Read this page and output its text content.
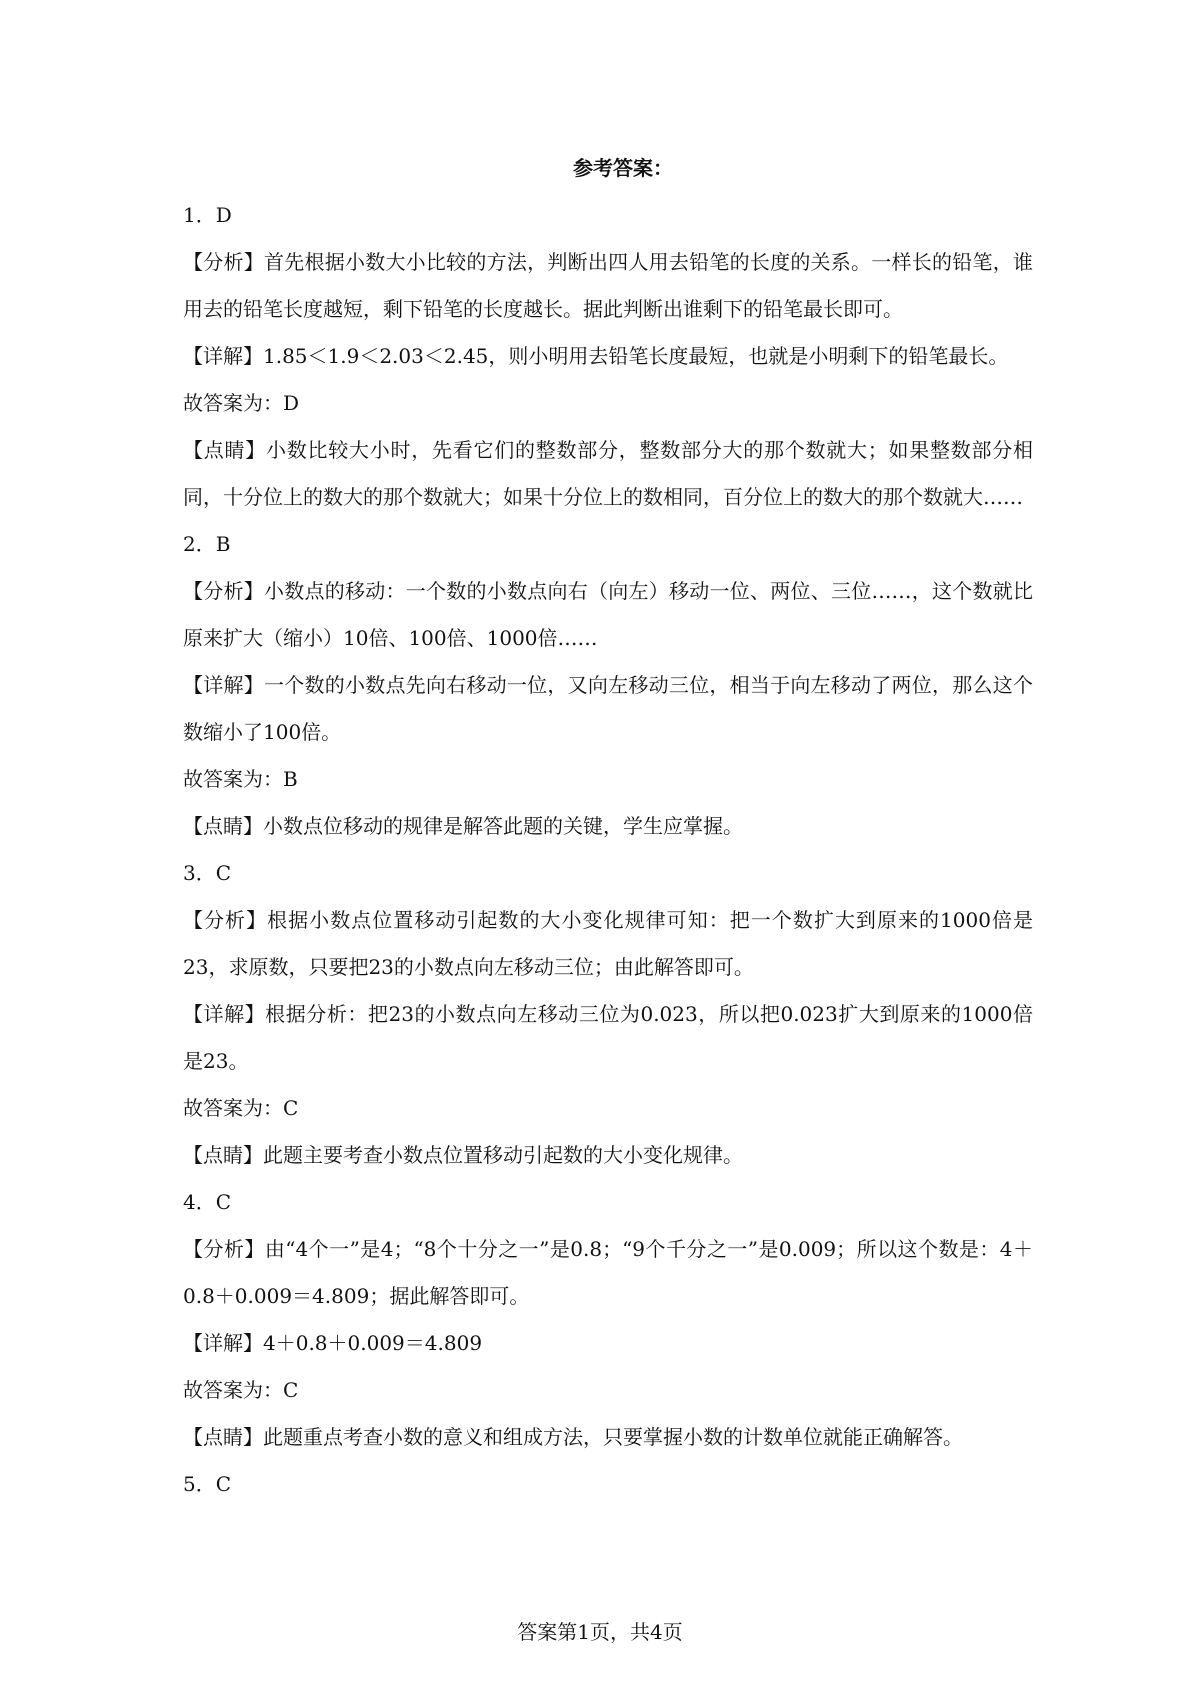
参考答案：

1．D

【分析】首先根据小数大小比较的方法，判断出四人用去铅笔的长度的关系。一样长的铅笔，谁用去的铅笔长度越短，剩下铅笔的长度越长。据此判断出谁剩下的铅笔最长即可。

【详解】1.85＜1.9＜2.03＜2.45，则小明用去铅笔长度最短，也就是小明剩下的铅笔最长。

故答案为：D

【点睛】小数比较大小时，先看它们的整数部分，整数部分大的那个数就大；如果整数部分相同，十分位上的数大的那个数就大；如果十分位上的数相同，百分位上的数大的那个数就大……

2．B

【分析】小数点的移动：一个数的小数点向右（向左）移动一位、两位、三位……，这个数就比原来扩大（缩小）10倍、100倍、1000倍……

【详解】一个数的小数点先向右移动一位，又向左移动三位，相当于向左移动了两位，那么这个数缩小了100倍。

故答案为：B

【点睛】小数点位移动的规律是解答此题的关键，学生应掌握。

3．C

【分析】根据小数点位置移动引起数的大小变化规律可知：把一个数扩大到原来的1000倍是23，求原数，只要把23的小数点向左移动三位；由此解答即可。

【详解】根据分析：把23的小数点向左移动三位为0.023，所以把0.023扩大到原来的1000倍是23。

故答案为：C

【点睛】此题主要考查小数点位置移动引起数的大小变化规律。

4．C

【分析】由“4个一”是4；“8个十分之一”是0.8；“9个千分之一”是0.009；所以这个数是：4＋0.8＋0.009＝4.809；据此解答即可。

【详解】4＋0.8＋0.009＝4.809

故答案为：C

【点睛】此题重点考查小数的意义和组成方法，只要掌握小数的计数单位就能正确解答。

5．C

答案第1页，共4页
